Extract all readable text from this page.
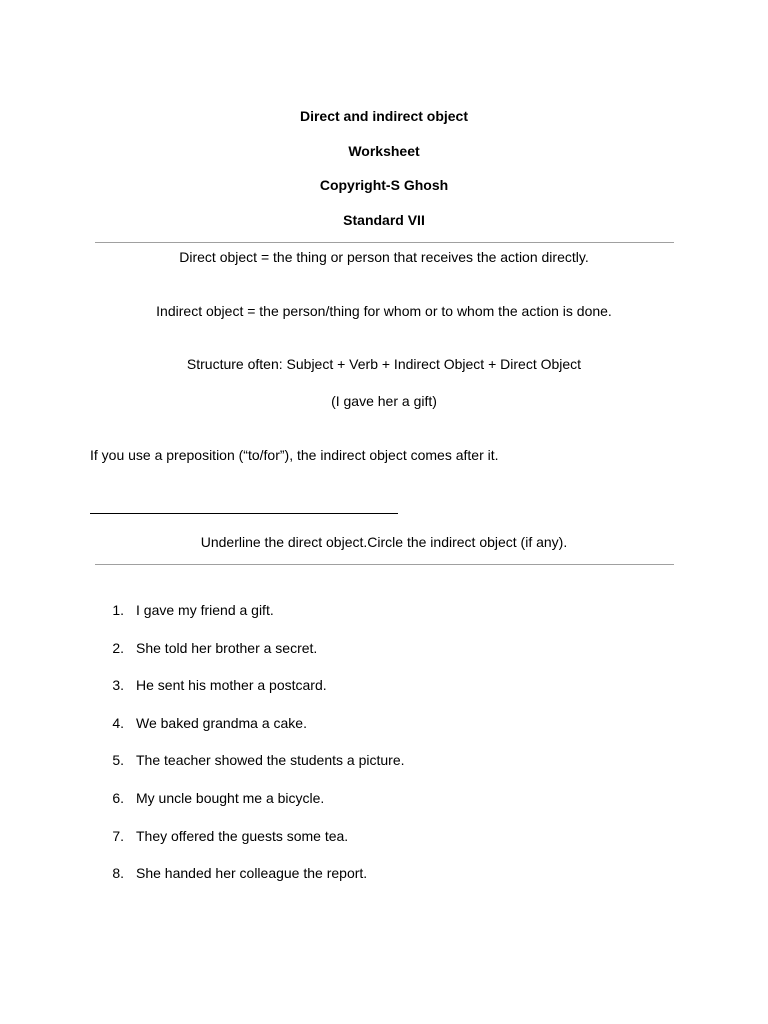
Direct and indirect object
Worksheet
Copyright-S Ghosh
Standard VII
Direct object = the thing or person that receives the action directly.
Indirect object = the person/thing for whom or to whom the action is done.
Structure often: Subject + Verb + Indirect Object + Direct Object
(I gave her a gift)
If you use a preposition (“to/for”), the indirect object comes after it.
Underline the direct object.Circle the indirect object (if any).
1. I gave my friend a gift.
2. She told her brother a secret.
3. He sent his mother a postcard.
4. We baked grandma a cake.
5. The teacher showed the students a picture.
6. My uncle bought me a bicycle.
7. They offered the guests some tea.
8. She handed her colleague the report.
